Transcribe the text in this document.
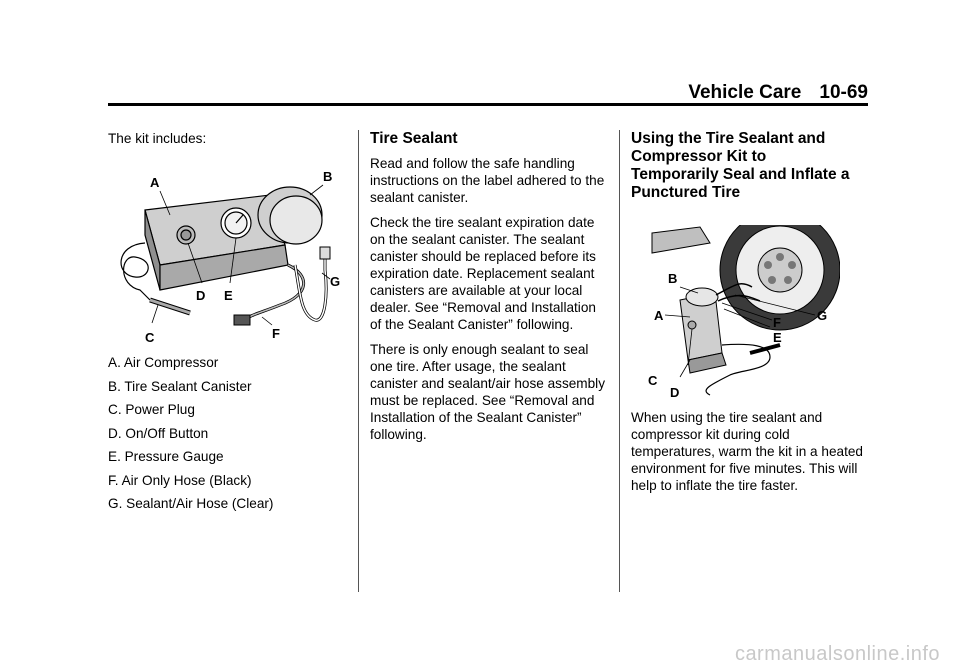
Vehicle Care 10-69

The kit includes:

A	B
C
D E
F
G
A. Air Compressor
B. Tire Sealant Canister
C. Power Plug
D. On/Off Button
E. Pressure Gauge
F. Air Only Hose (Black)
G. Sealant/Air Hose (Clear)
Tire Sealant

Read and follow the safe handling instructions on the label adhered to the sealant canister.

Check the tire sealant expiration date on the sealant canister. The sealant canister should be replaced before its expiration date. Replacement sealant canisters are available at your local dealer. See “Removal and Installation of the Sealant Canister” following.

There is only enough sealant to seal one tire. After usage, the sealant canister and sealant/air hose assembly must be replaced. See “Removal and Installation of the Sealant Canister” following.

Using the Tire Sealant and Compressor Kit to Temporarily Seal and Inflate a Punctured Tire

When using the tire sealant and compressor kit during cold temperatures, warm the kit in a heated environment for five minutes. This will help to inflate the tire faster.

B
A
C
D
F
E
G
carmanualsonline.info
